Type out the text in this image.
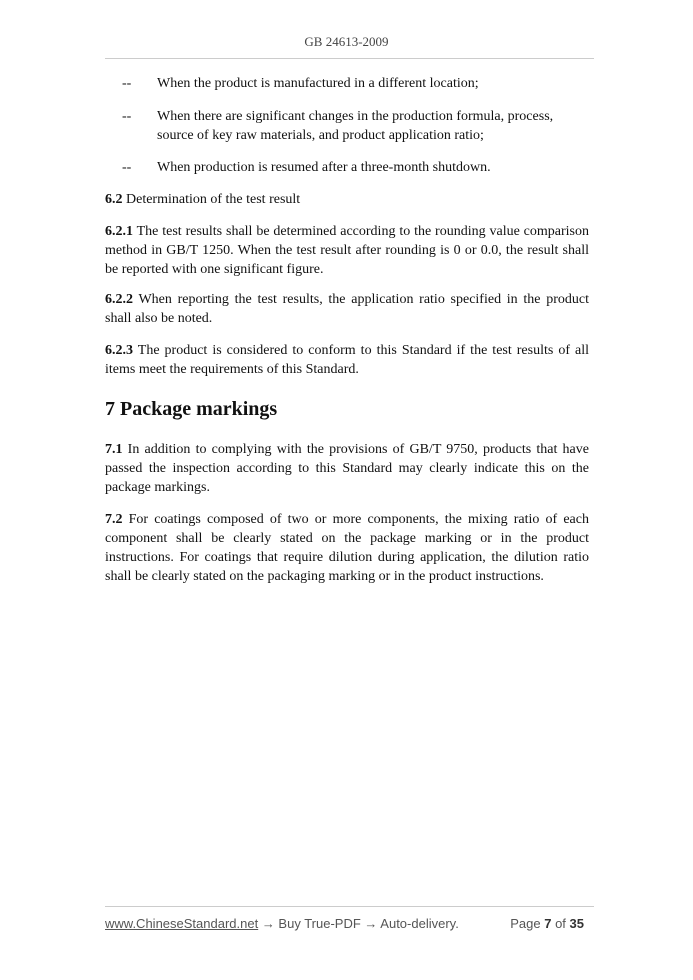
GB 24613-2009
-- When the product is manufactured in a different location;
-- When there are significant changes in the production formula, process, source of key raw materials, and product application ratio;
-- When production is resumed after a three-month shutdown.
6.2 Determination of the test result
6.2.1 The test results shall be determined according to the rounding value comparison method in GB/T 1250. When the test result after rounding is 0 or 0.0, the result shall be reported with one significant figure.
6.2.2 When reporting the test results, the application ratio specified in the product shall also be noted.
6.2.3 The product is considered to conform to this Standard if the test results of all items meet the requirements of this Standard.
7 Package markings
7.1 In addition to complying with the provisions of GB/T 9750, products that have passed the inspection according to this Standard may clearly indicate this on the package markings.
7.2 For coatings composed of two or more components, the mixing ratio of each component shall be clearly stated on the package marking or in the product instructions. For coatings that require dilution during application, the dilution ratio shall be clearly stated on the packaging marking or in the product instructions.
www.ChineseStandard.net → Buy True-PDF → Auto-delivery.	Page 7 of 35
